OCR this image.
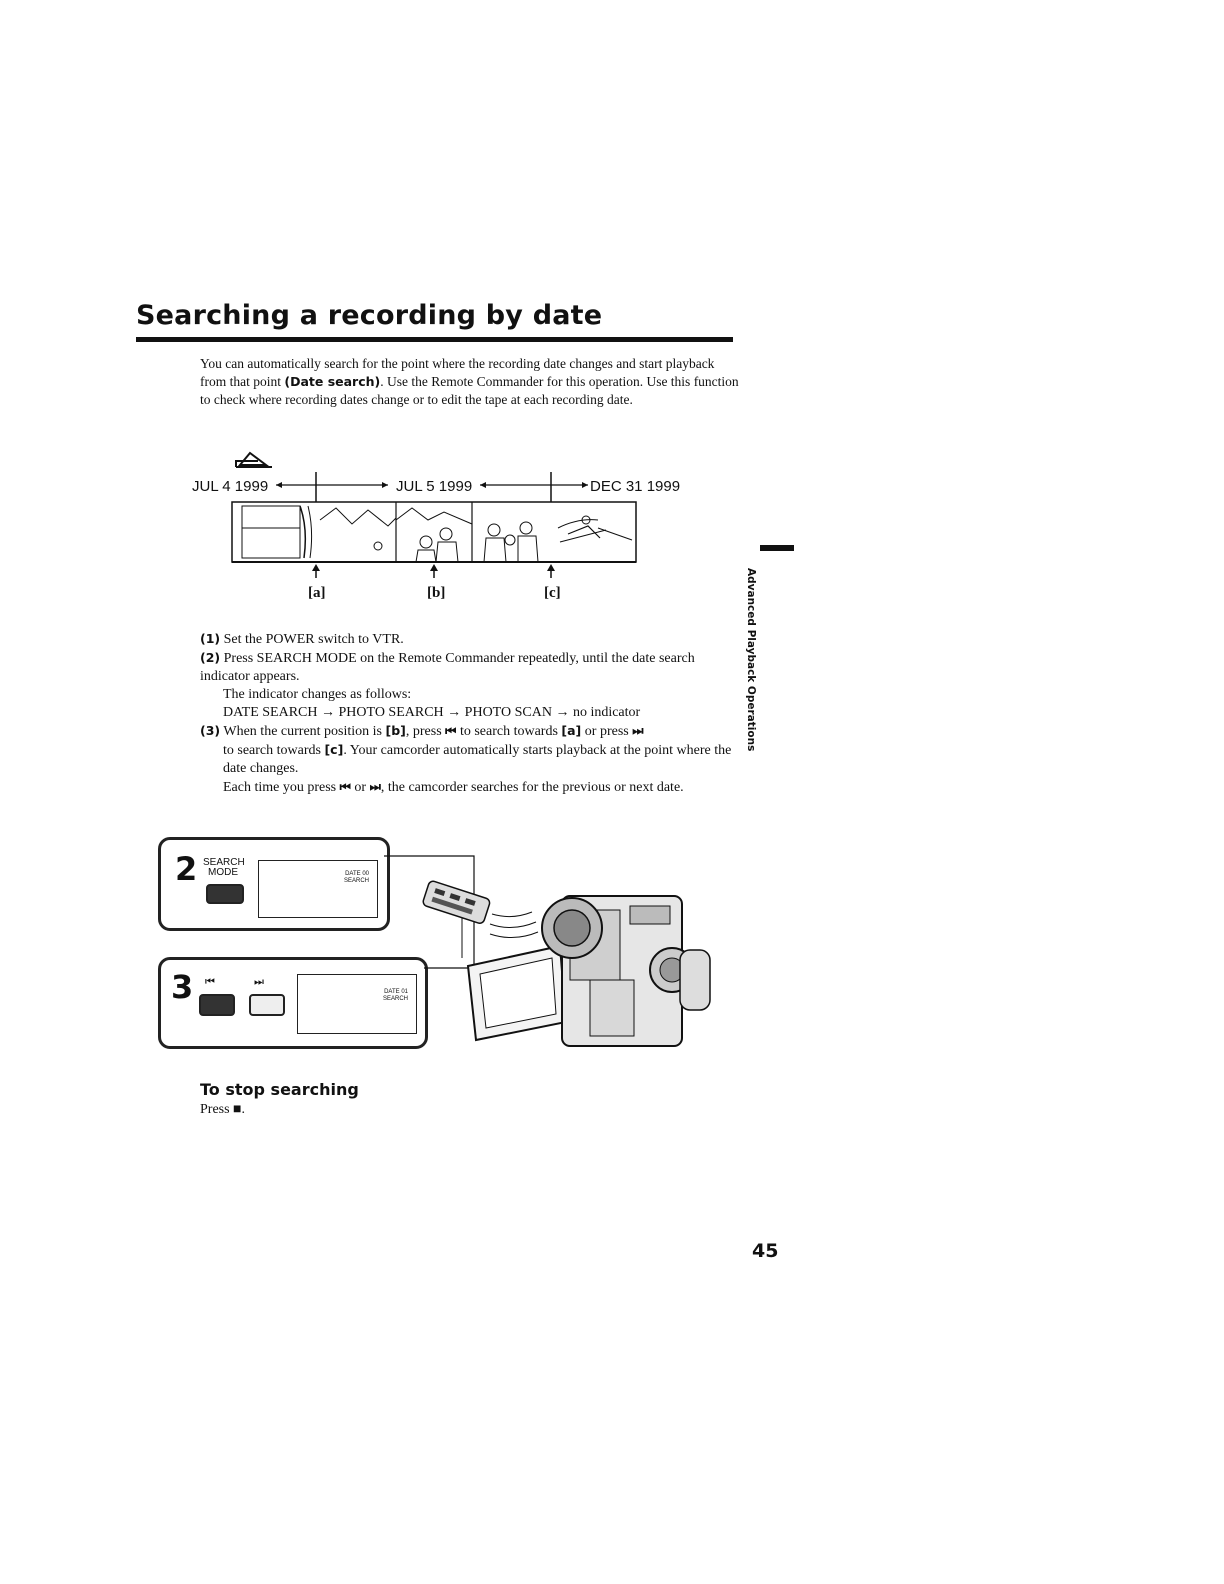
Searching a recording by date
You can automatically search for the point where the recording date changes and start playback from that point (Date search). Use the Remote Commander for this operation. Use this function to check where recording dates change or to edit the tape at each recording date.
JUL 4 1999	JUL 5 1999	DEC 31 1999
[a]	[b]	[c]	Advanced Playback Operations
(1) Set the POWER switch to VTR.
(2) Press SEARCH MODE on the Remote Commander repeatedly, until the date search indicator appears.
The indicator changes as follows:
DATE SEARCH → PHOTO SEARCH → PHOTO SCAN → no indicator
(3) When the current position is [b], press ⏮ to search towards [a] or press ⏭
to search towards [c]. Your camcorder automatically starts playback at the point where the date changes.
Each time you press ⏮ or ⏭, the camcorder searches for the previous or next date.
2 SEARCH
MODE	DATE 00
SEARCH
3 ⏮	⏭
DATE 01
SEARCH
To stop searching
Press ■.
45
